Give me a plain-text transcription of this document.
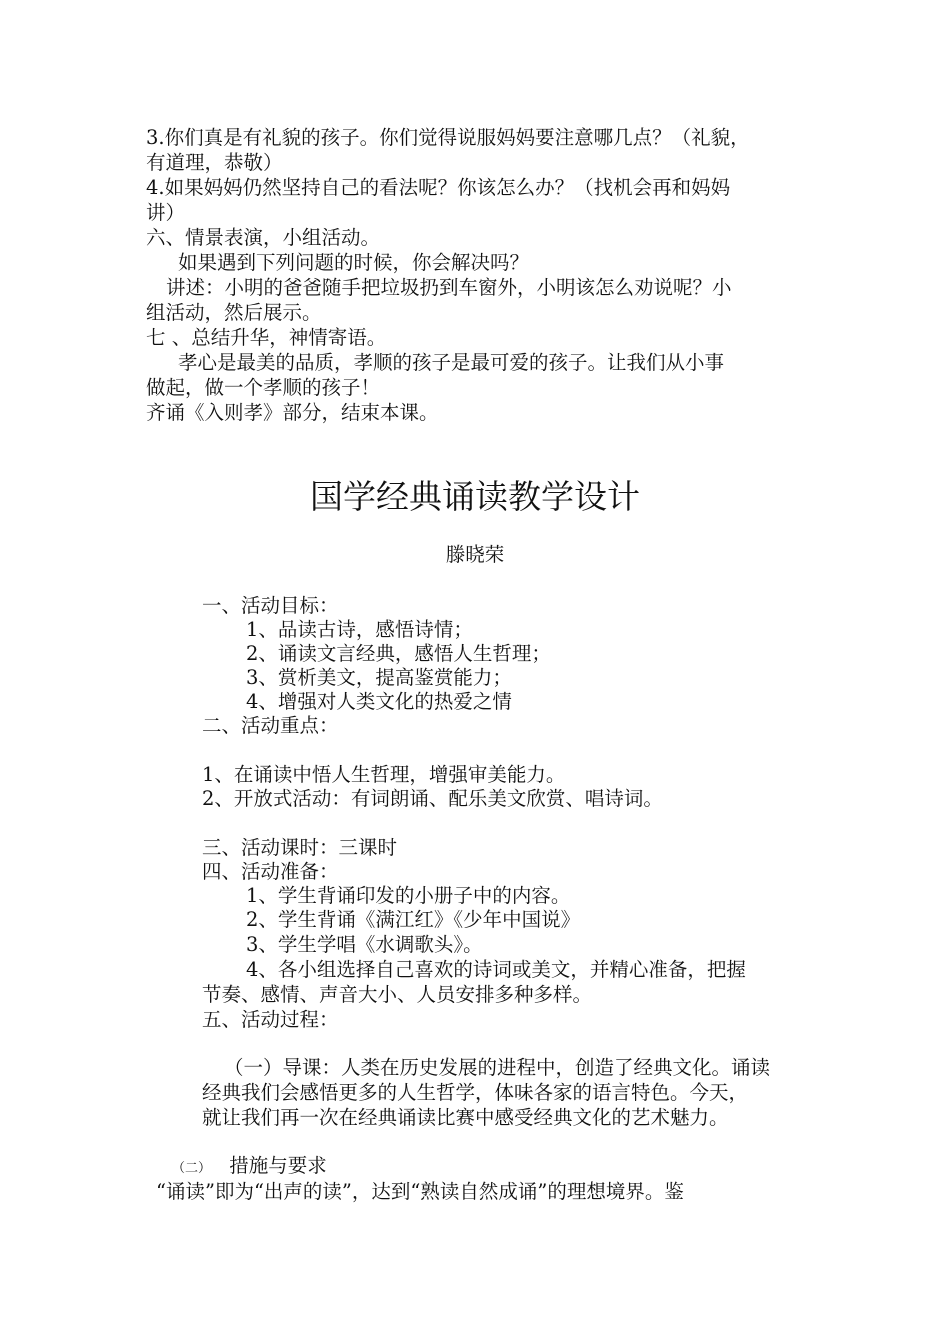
3.你们真是有礼貌的孩子。你们觉得说服妈妈要注意哪几点？（礼貌，
有道理，恭敬）
4.如果妈妈仍然坚持自己的看法呢？你该怎么办？（找机会再和妈妈
讲）
六、情景表演，小组活动。
如果遇到下列问题的时候，你会解决吗？
讲述：小明的爸爸随手把垃圾扔到车窗外，小明该怎么劝说呢？小
组活动，然后展示。
七 、总结升华，神情寄语。
孝心是最美的品质，孝顺的孩子是最可爱的孩子。让我们从小事
做起，做一个孝顺的孩子！
齐诵《入则孝》部分，结束本课。
国学经典诵读教学设计
滕晓荣
一、活动目标：
1、品读古诗，感悟诗情；
2、诵读文言经典，感悟人生哲理；
3、赏析美文，提高鉴赏能力；
4、增强对人类文化的热爱之情
二、活动重点：
1、在诵读中悟人生哲理，增强审美能力。
2、开放式活动：有词朗诵、配乐美文欣赏、唱诗词。
三、活动课时：三课时
四、活动准备：
1、学生背诵印发的小册子中的内容。
2、学生背诵《满江红》《少年中国说》
3、学生学唱《水调歌头》。
4、各小组选择自己喜欢的诗词或美文，并精心准备，把握
节奏、感情、声音大小、人员安排多种多样。
五、活动过程：
（一）导课：人类在历史发展的进程中，创造了经典文化。诵读
经典我们会感悟更多的人生哲学，体味各家的语言特色。今天，
就让我们再一次在经典诵读比赛中感受经典文化的艺术魅力。
（二） 措施与要求
“诵读”即为“出声的读”，达到“熟读自然成诵”的理想境界。鉴
